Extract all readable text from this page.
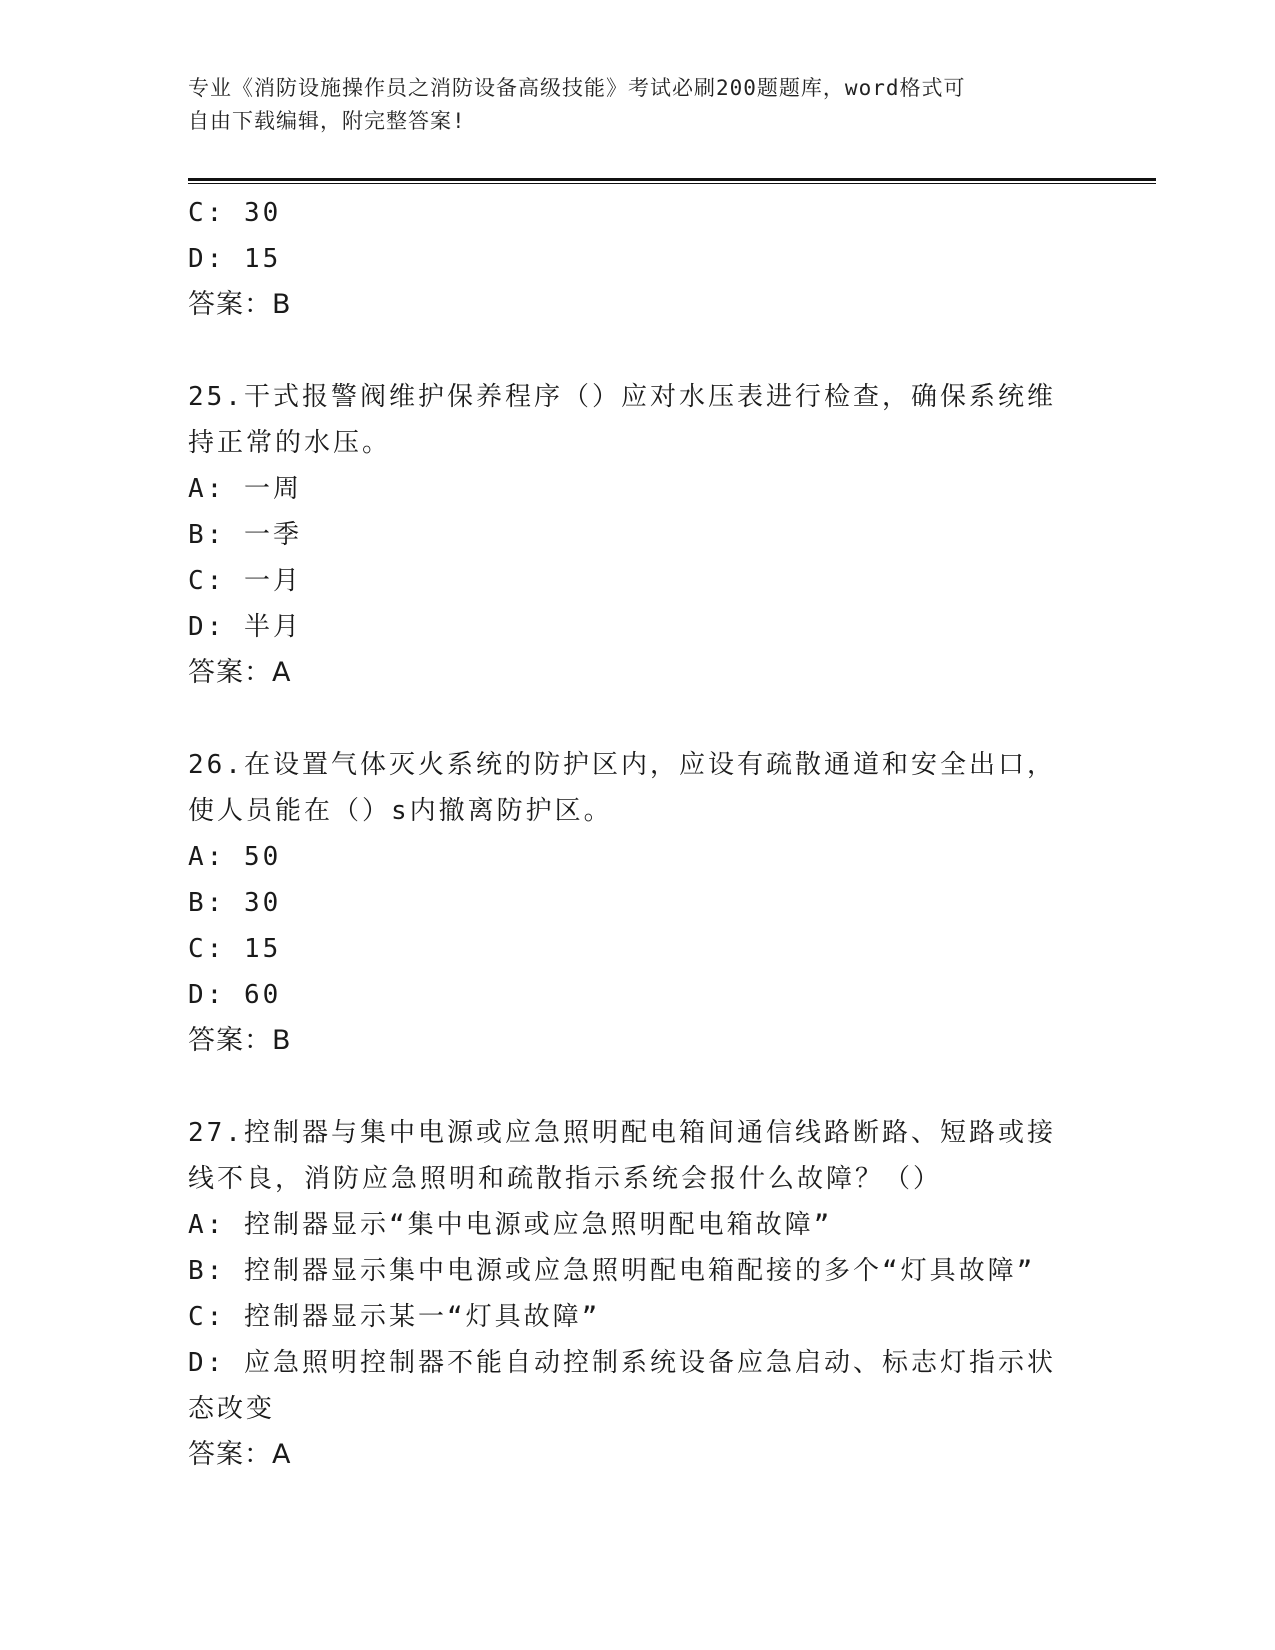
专业《消防设施操作员之消防设备高级技能》考试必刷200题题库，word格式可
自由下载编辑，附完整答案!
C: 30
D: 15
答案：B
25.干式报警阀维护保养程序（）应对水压表进行检查，确保系统维持正常的水压。
A: 一周
B: 一季
C: 一月
D: 半月
答案：A
26.在设置气体灭火系统的防护区内，应设有疏散通道和安全出口，使人员能在（）s内撤离防护区。
A: 50
B: 30
C: 15
D: 60
答案：B
27.控制器与集中电源或应急照明配电箱间通信线路断路、短路或接线不良，消防应急照明和疏散指示系统会报什么故障？（）
A: 控制器显示“集中电源或应急照明配电箱故障”
B: 控制器显示集中电源或应急照明配电箱配接的多个“灯具故障”
C: 控制器显示某一“灯具故障”
D: 应急照明控制器不能自动控制系统设备应急启动、标志灯指示状态改变
答案：A
